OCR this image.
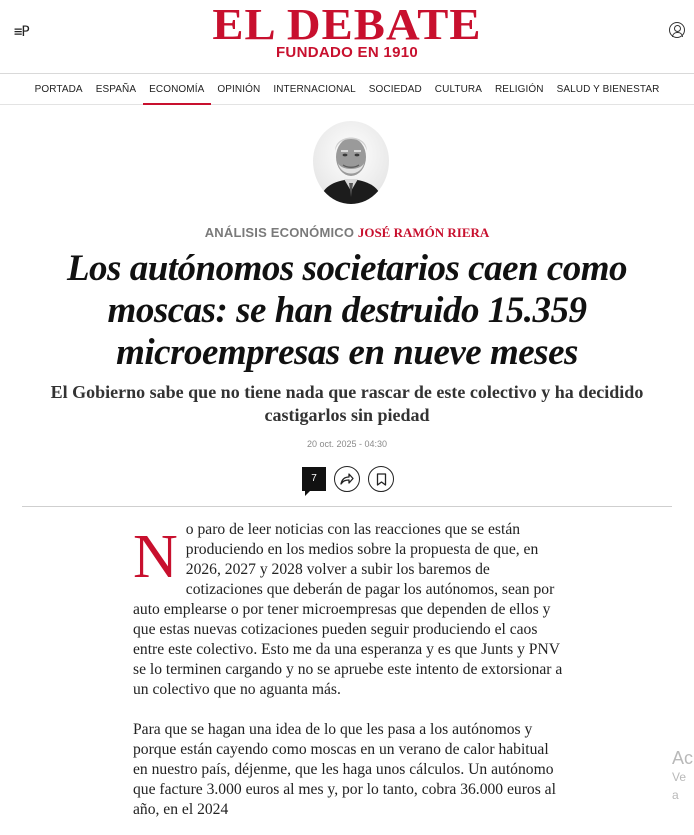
≡P	EL DEBATE
FUNDADO EN 1910
PORTADA	ESPAÑA	ECONOMÍA	OPINIÓN	INTERNACIONAL	SOCIEDAD	CULTURA	RELIGIÓN	SALUD Y BIENESTAR
ANÁLISIS ECONÓMICO JOSÉ RAMÓN RIERA
Los autónomos societarios caen como moscas: se han destruido 15.359 microempresas en nueve meses
El Gobierno sabe que no tiene nada que rascar de este colectivo y ha decidido castigarlos sin piedad
20 oct. 2025 - 04:30
7

No paro de leer noticias con las reacciones que se están produciendo en los medios sobre la propuesta de que, en 2026, 2027 y 2028 volver a subir los baremos de cotizaciones que deberán de pagar los autónomos, sean por auto emplearse o por tener microempresas que dependen de ellos y que estas nuevas cotizaciones pueden seguir produciendo el caos entre este colectivo. Esto me da una esperanza y es que Junts y PNV se lo terminen cargando y no se apruebe este intento de extorsionar a un colectivo que no aguanta más.

Para que se hagan una idea de lo que les pasa a los autónomos y porque están cayendo como moscas en un verano de calor habitual en nuestro país, déjenme, que les haga unos cálculos. Un autónomo que facture 3.000 euros al mes y, por lo tanto, cobra 36.000 euros al año, en el 2024

Ac
Ve a
